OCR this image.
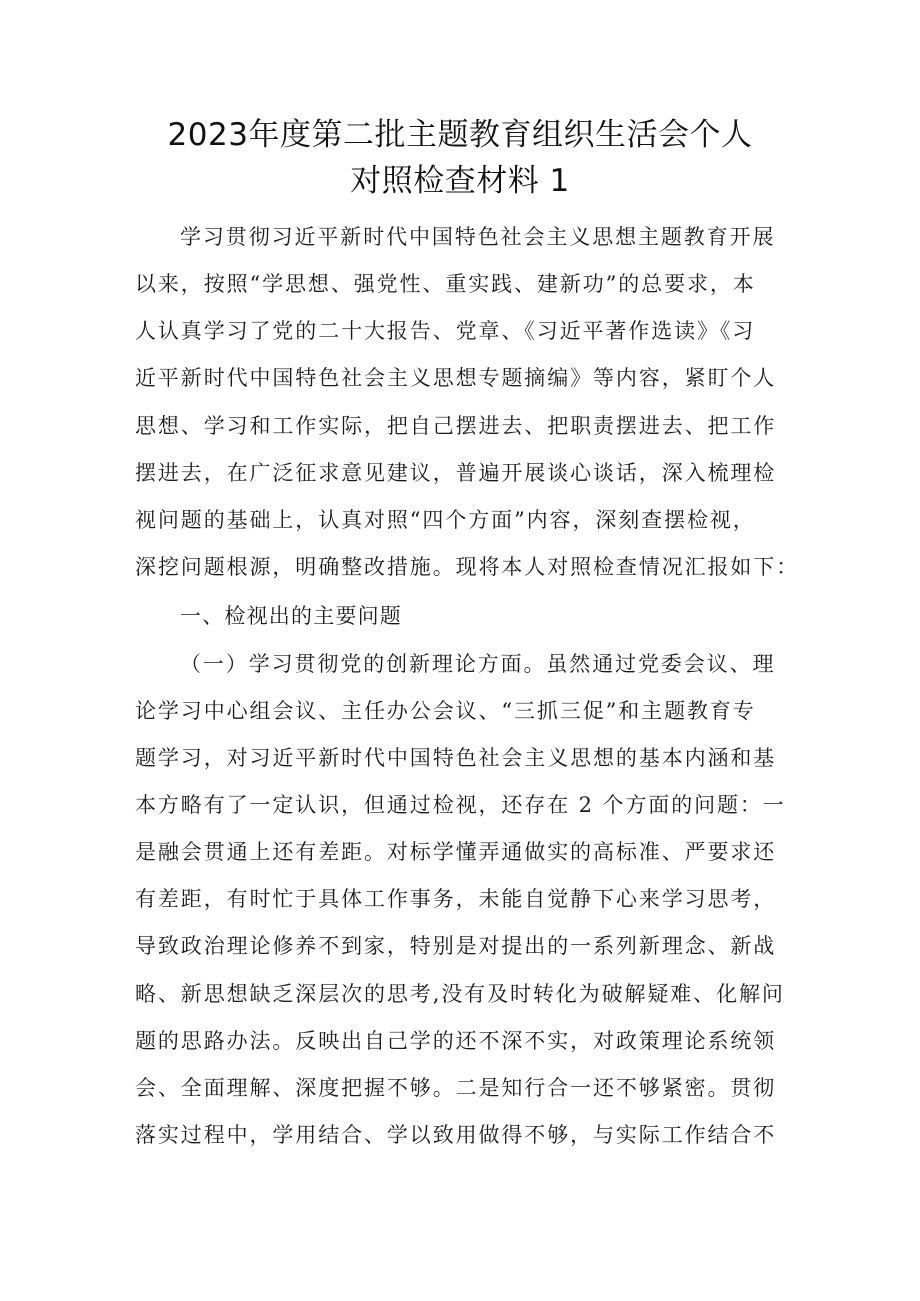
2023年度第二批主题教育组织生活会个人
对照检查材料 1
学习贯彻习近平新时代中国特色社会主义思想主题教育开展
以来，按照“学思想、强党性、重实践、建新功”的总要求，本
人认真学习了党的二十大报告、党章、《习近平著作选读》《习
近平新时代中国特色社会主义思想专题摘编》等内容，紧盯个人
思想、学习和工作实际，把自己摆进去、把职责摆进去、把工作
摆进去，在广泛征求意见建议，普遍开展谈心谈话，深入梳理检
视问题的基础上，认真对照“四个方面”内容，深刻查摆检视，
深挖问题根源，明确整改措施。现将本人对照检查情况汇报如下：
一、检视出的主要问题
（一）学习贯彻党的创新理论方面。虽然通过党委会议、理
论学习中心组会议、主任办公会议、“三抓三促”和主题教育专
题学习，对习近平新时代中国特色社会主义思想的基本内涵和基
本方略有了一定认识，但通过检视，还存在 2 个方面的问题：一
是融会贯通上还有差距。对标学懂弄通做实的高标准、严要求还
有差距，有时忙于具体工作事务，未能自觉静下心来学习思考，
导致政治理论修养不到家，特别是对提出的一系列新理念、新战
略、新思想缺乏深层次的思考,没有及时转化为破解疑难、化解问
题的思路办法。反映出自己学的还不深不实，对政策理论系统领
会、全面理解、深度把握不够。二是知行合一还不够紧密。贯彻
落实过程中，学用结合、学以致用做得不够，与实际工作结合不
